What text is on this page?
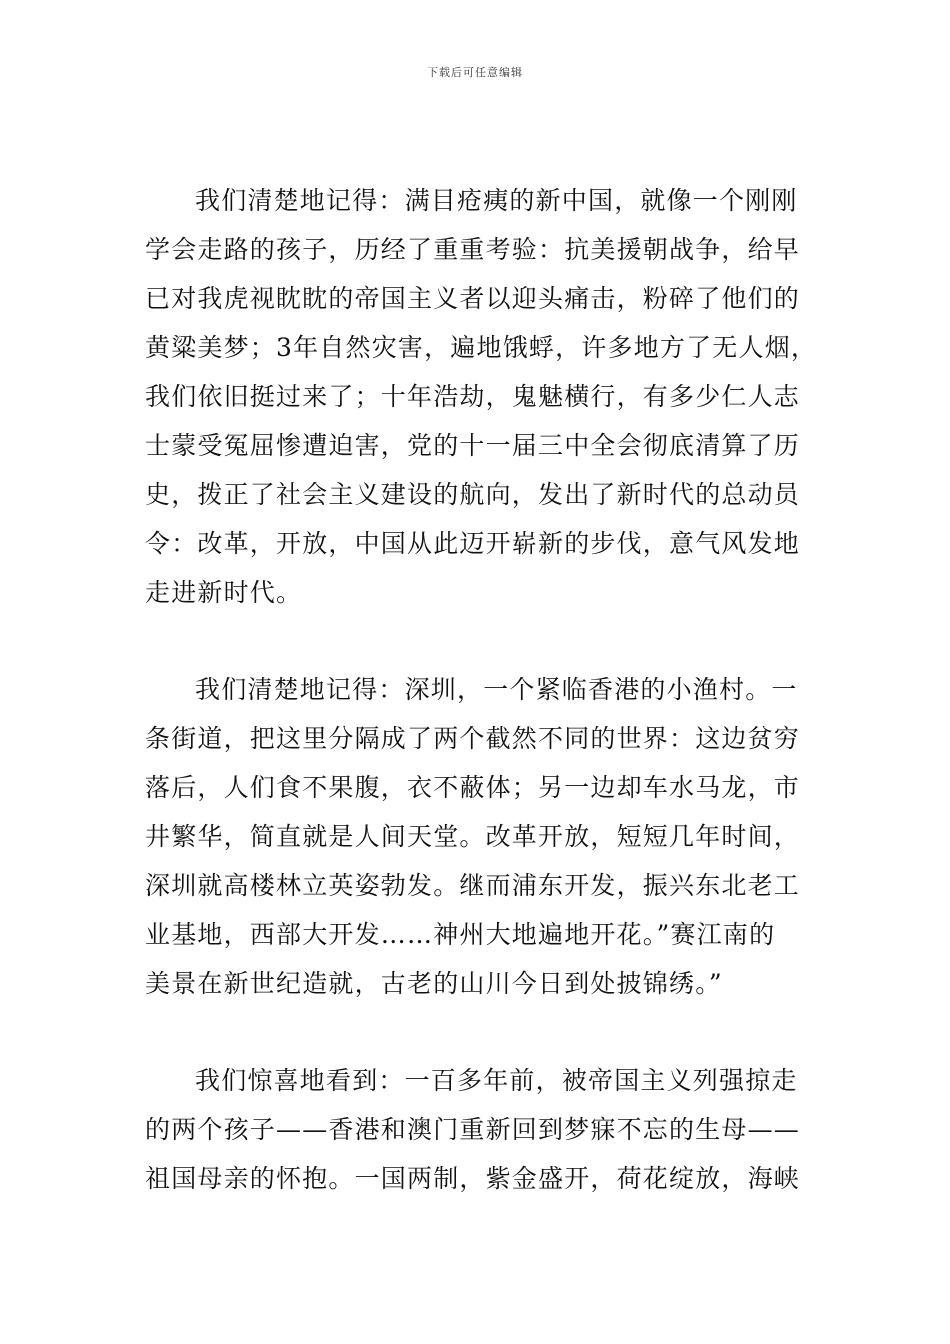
下载后可任意编辑
我们清楚地记得：满目疮痍的新中国，就像一个刚刚
学会走路的孩子，历经了重重考验：抗美援朝战争，给早
已对我虎视眈眈的帝国主义者以迎头痛击，粉碎了他们的
黄粱美梦；3年自然灾害，遍地饿蜉，许多地方了无人烟，
我们依旧挺过来了；十年浩劫，鬼魅横行，有多少仁人志
士蒙受冤屈惨遭迫害，党的十一届三中全会彻底清算了历
史，拨正了社会主义建设的航向，发出了新时代的总动员
令：改革，开放，中国从此迈开崭新的步伐，意气风发地
走进新时代。
我们清楚地记得：深圳，一个紧临香港的小渔村。一
条街道，把这里分隔成了两个截然不同的世界：这边贫穷
落后，人们食不果腹，衣不蔽体；另一边却车水马龙，市
井繁华，简直就是人间天堂。改革开放，短短几年时间，
深圳就高楼林立英姿勃发。继而浦东开发，振兴东北老工
业基地，西部大开发……神州大地遍地开花。”赛江南的
美景在新世纪造就，古老的山川今日到处披锦绣。”
我们惊喜地看到：一百多年前，被帝国主义列强掠走
的两个孩子——香港和澳门重新回到梦寐不忘的生母——
祖国母亲的怀抱。一国两制，紫金盛开，荷花绽放，海峡
